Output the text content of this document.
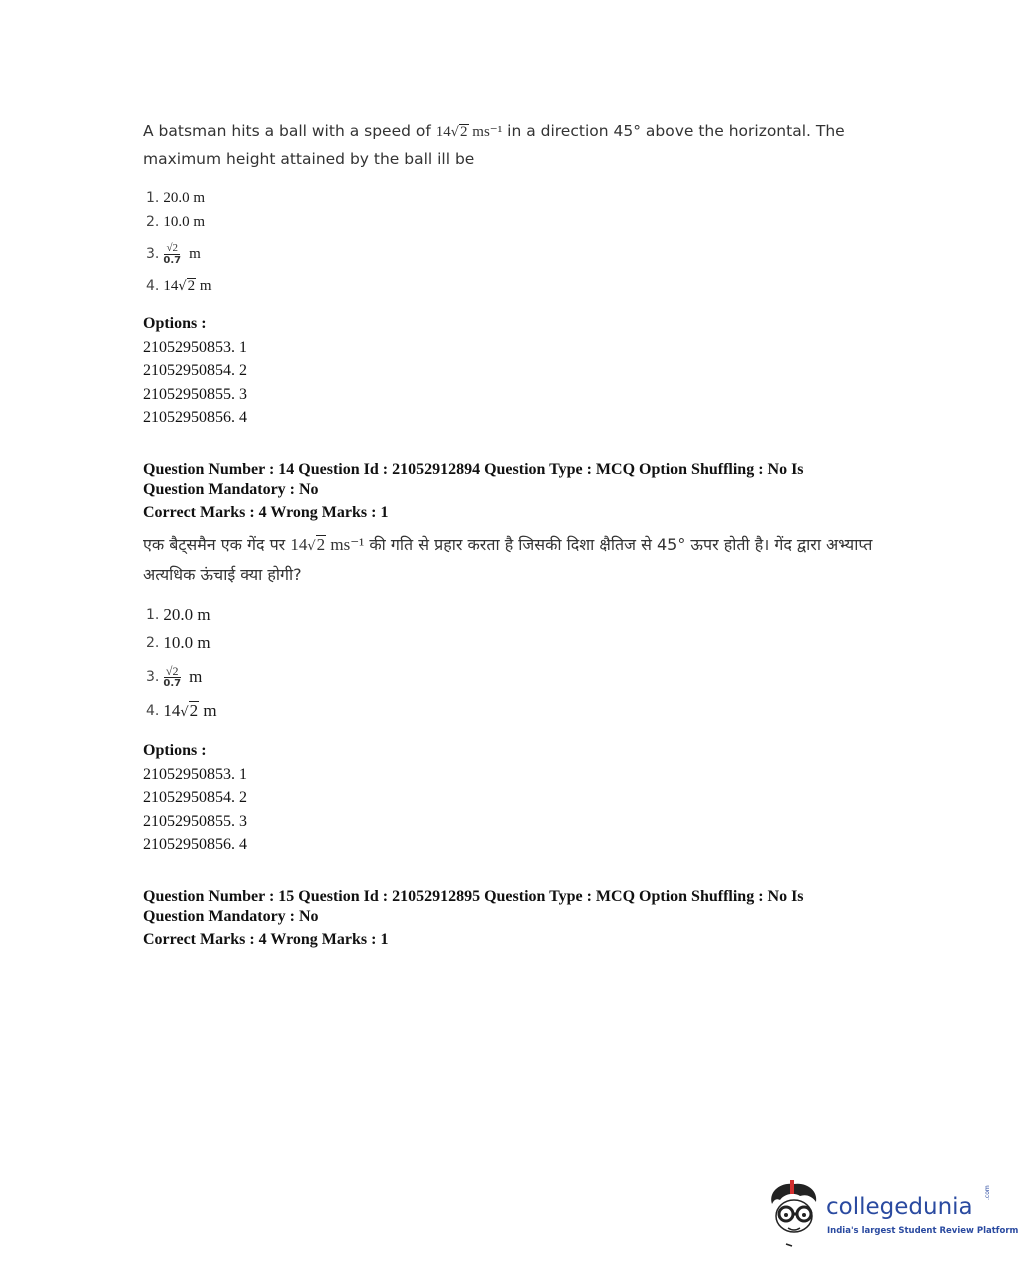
A batsman hits a ball with a speed of 14√2 ms⁻¹ in a direction 45° above the horizontal. The maximum height attained by the ball ill be
1. 20.0 m
2. 10.0 m
3. $\frac{√2}{0.7}$ m
4. 14√2 m
Options :
21052950853. 1
21052950854. 2
21052950855. 3
21052950856. 4
Question Number : 14 Question Id : 21052912894 Question Type : MCQ Option Shuffling : No Is
Question Mandatory : No
Correct Marks : 4 Wrong Marks : 1
एक बैट्समैन एक गेंद पर 14√2 ms⁻¹ की गति से प्रहार करता है जिसकी दिशा क्षैतिज से 45° ऊपर होती है। गेंद द्वारा अभ्याप्त अत्यधिक ऊंचाई क्या होगी?
1. 20.0 m
2. 10.0 m
3. $\frac{√2}{0.7}$ m
4. 14√2 m
Options :
21052950853. 1
21052950854. 2
21052950855. 3
21052950856. 4
Question Number : 15 Question Id : 21052912895 Question Type : MCQ Option Shuffling : No Is
Question Mandatory : No
Correct Marks : 4 Wrong Marks : 1
collegedunia
.com
India's largest Student Review Platform
